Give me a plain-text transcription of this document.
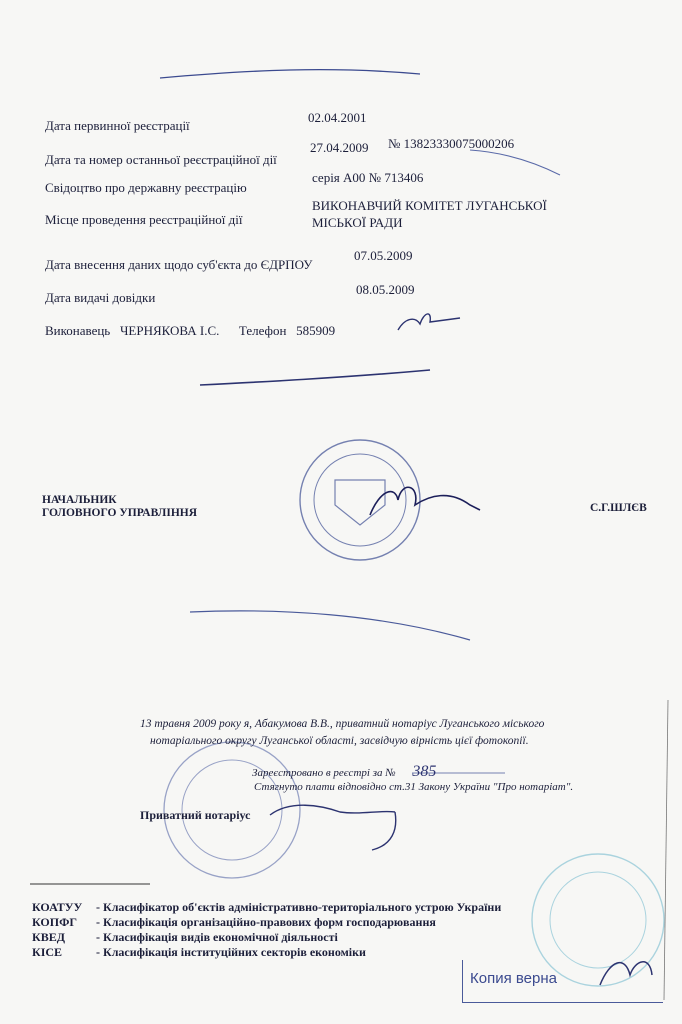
Дата первинної реєстрації
02.04.2001
Дата та номер останньої реєстраційної дії
27.04.2009 № 13823330075000206
Свідоцтво про державну реєстрацію
серія А00 № 713406
Місце проведення реєстраційної дії
ВИКОНАВЧИЙ КОМІТЕТ ЛУГАНСЬКОЇ
МІСЬКОЇ РАДИ
Дата внесення даних щодо суб'єкта до ЄДРПОУ
07.05.2009
Дата видачі довідки
08.05.2009
Виконавець ЧЕРНЯКОВА І.С. Телефон 585909
НАЧАЛЬНИК
ГОЛОВНОГО УПРАВЛІННЯ	С.Г.ШЛЄВ
13 травня 2009 року я, Абакумова В.В., приватний нотаріус Луганського міського
нотаріального округу Луганської області, засвідчую вірність цієї фотокопії.
Зареєстровано в реєстрі за № 385
Стягнуто плати відповідно ст.31 Закону України "Про нотаріат".
Приватний нотаріус
КОАТУУ - Класифікатор об'єктів адміністративно-територіального устрою України
КОПФГ - Класифікація організаційно-правових форм господарювання
КВЕД	- Класифікація видів економічної діяльності
КІСЕ	- Класифікація інституційних секторів економіки
Копия верна
